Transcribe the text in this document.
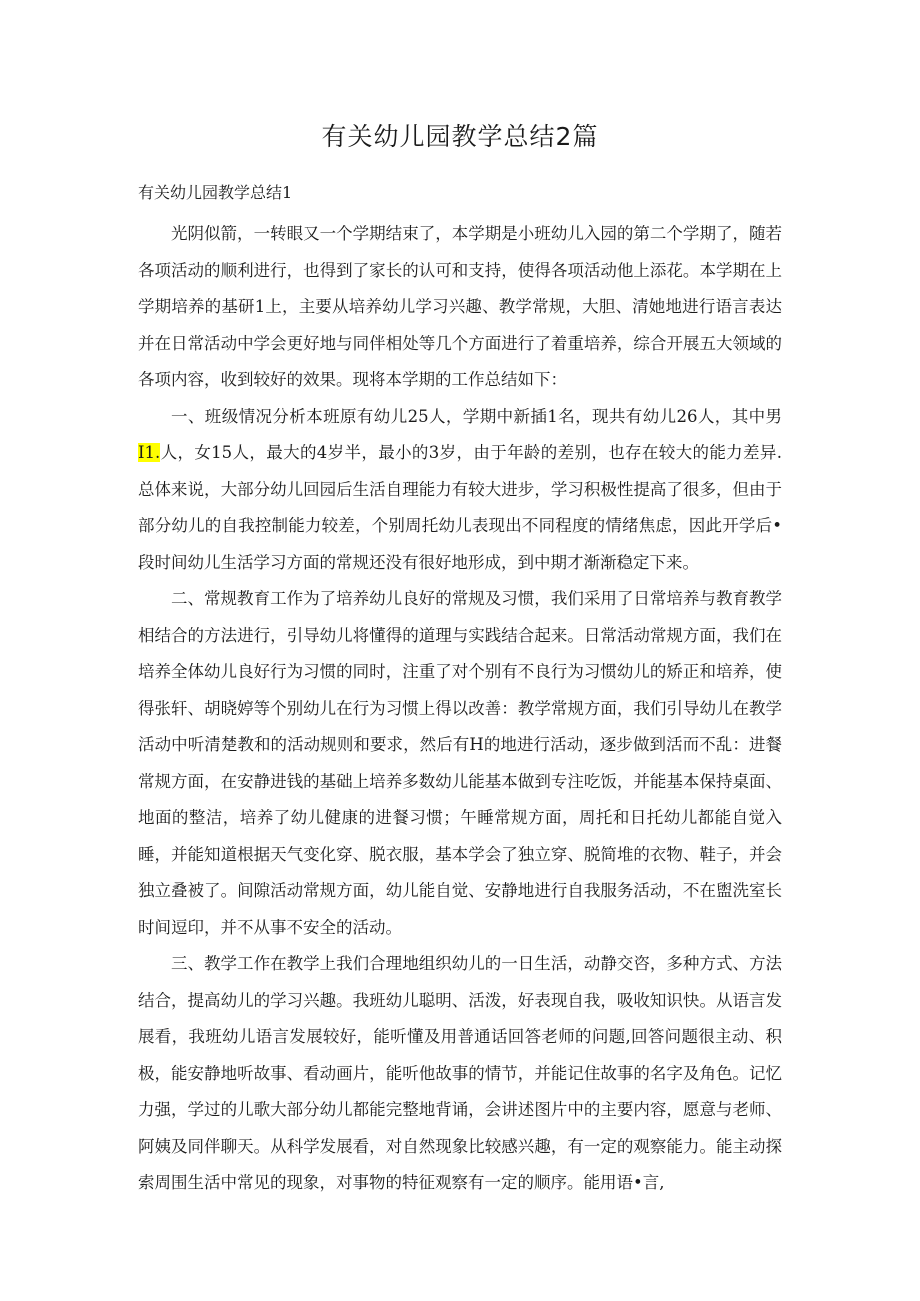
有关幼儿园教学总结2篇
有关幼儿园教学总结1

光阴似箭，一转眼又一个学期结束了，本学期是小班幼儿入园的第二个学期了，随若各项活动的顺利进行，也得到了家长的认可和支持，使得各项活动他上添花。本学期在上学期培养的基研1上，主要从培养幼儿学习兴趣、教学常规，大胆、清她地进行语言表达并在日常活动中学会更好地与同伴相处等几个方面进行了着重培养，综合开展五大领域的各项内容，收到较好的效果。现将本学期的工作总结如下：

一、班级情况分析本班原有幼儿25人，学期中新插1名，现共有幼儿26人，其中男I1.人，女15人，最大的4岁半，最小的3岁，由于年龄的差别，也存在较大的能力差异.总体来说，大部分幼儿回园后生活自理能力有较大进步，学习积极性提高了很多，但由于部分幼儿的自我控制能力较差，个别周托幼儿表现出不同程度的情绪焦虑，因此开学后•段时间幼儿生活学习方面的常规还没有很好地形成，到中期才渐渐稳定下来。

二、常规教育工作为了培养幼儿良好的常规及习惯，我们采用了日常培养与教育教学相结合的方法进行，引导幼儿将懂得的道理与实践结合起来。日常活动常规方面，我们在培养全体幼儿良好行为习惯的同时，注重了对个别有不良行为习惯幼儿的矫正和培养，使得张轩、胡晓婷等个别幼儿在行为习惯上得以改善：教学常规方面，我们引导幼儿在教学活动中听清楚教和的活动规则和要求，然后有H的地进行活动，逐步做到活而不乱：进餐常规方面，在安静进钱的基础上培养多数幼儿能基本做到专注吃饭，并能基本保持桌面、地面的整洁，培养了幼儿健康的进餐习惯；午睡常规方面，周托和日托幼儿都能自觉入睡，并能知道根据天气变化穿、脱衣服，基本学会了独立穿、脱简堆的衣物、鞋子，并会独立叠被了。间隙活动常规方面，幼儿能自觉、安静地进行自我服务活动，不在盥洗室长时间逗印，并不从事不安全的活动。

三、教学工作在教学上我们合理地组织幼儿的一日生活，动静交咨，多种方式、方法结合，提高幼儿的学习兴趣。我班幼儿聪明、活泼，好表现自我，吸收知识快。从语言发展看，我班幼儿语言发展较好，能听懂及用普通话回答老师的问题,回答问题很主动、积极，能安静地听故事、看动画片，能听他故事的情节，并能记住故事的名字及角色。记忆力强，学过的儿歌大部分幼儿都能完整地背诵，会讲述图片中的主要内容，愿意与老师、阿姨及同伴聊天。从科学发展看，对自然现象比较感兴趣，有一定的观察能力。能主动探索周围生活中常见的现象，对事物的特征观察有一定的顺序。能用语•言,
